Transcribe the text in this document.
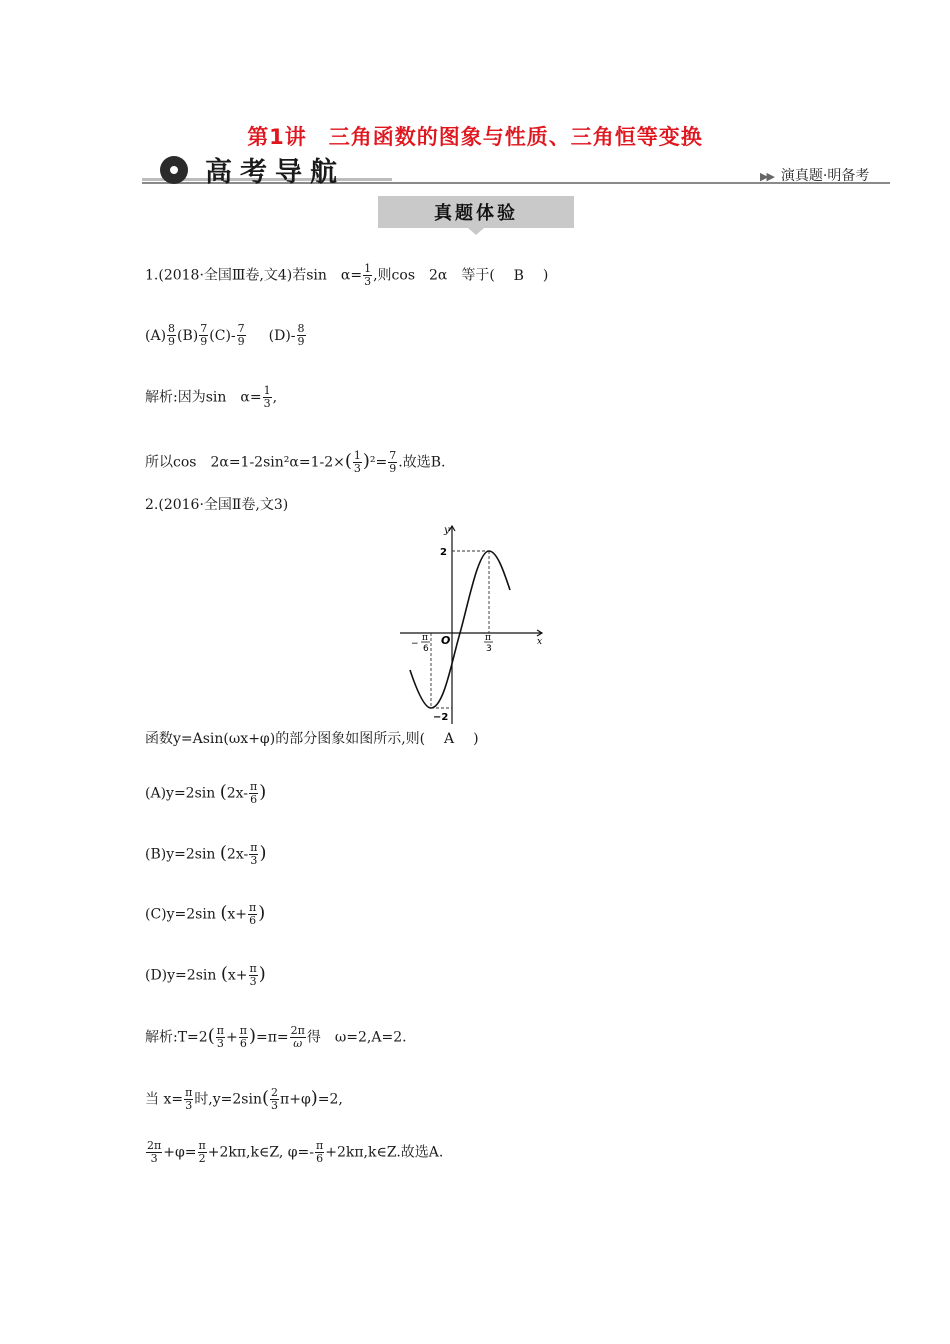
第1讲　三角函数的图象与性质、三角恒等变换
高考导航	▶▶ 演真题·明备考
真题体验
1.(2018·全国Ⅲ卷,文4)若sin　$\alpha= \frac{1}{3}$ ,则cos　2α　等于( B )
$(A) \frac{8}{9} (B) \frac{7}{9} (C)- \frac{7}{9} (D)- \frac{8}{9}$
解析:因为sin　$\alpha= \frac{1}{3}$ ,
所以cos　$2\alpha=1-2\sin^2\alpha=1-2\times( \frac{1}{3} )^2= \frac{7}{9}$ .故选B.
2.(2016·全国Ⅱ卷,文3)
y
x
O
2
−2
−
π
6
π
3
函数y=Asin(ωx+φ)的部分图象如图所示,则( A )
(A)y=2sin ($2x- \frac{\pi}{6}$ )
(B)y=2sin ($2x- \frac{\pi}{3}$ )
(C)y=2sin ($x+ \frac{\pi}{6}$ )
(D)y=2sin ($x+ \frac{\pi}{3}$ )
解析:T=2( $\frac{\pi}{3} + \frac{\pi}{6} )=\pi= \frac{2\pi}{\omega}$ 得　ω=2,A=2.
当 $x= \frac{\pi}{3}$ 时$,y=2\sin( \frac{2}{3} \pi+\varphi)=2$,
$\frac{2\pi}{3} +\varphi= \frac{\pi}{2}$ +2kπ,k∈Z, $\varphi=- \frac{\pi}{6}$ +2kπ,k∈Z.故选A.
